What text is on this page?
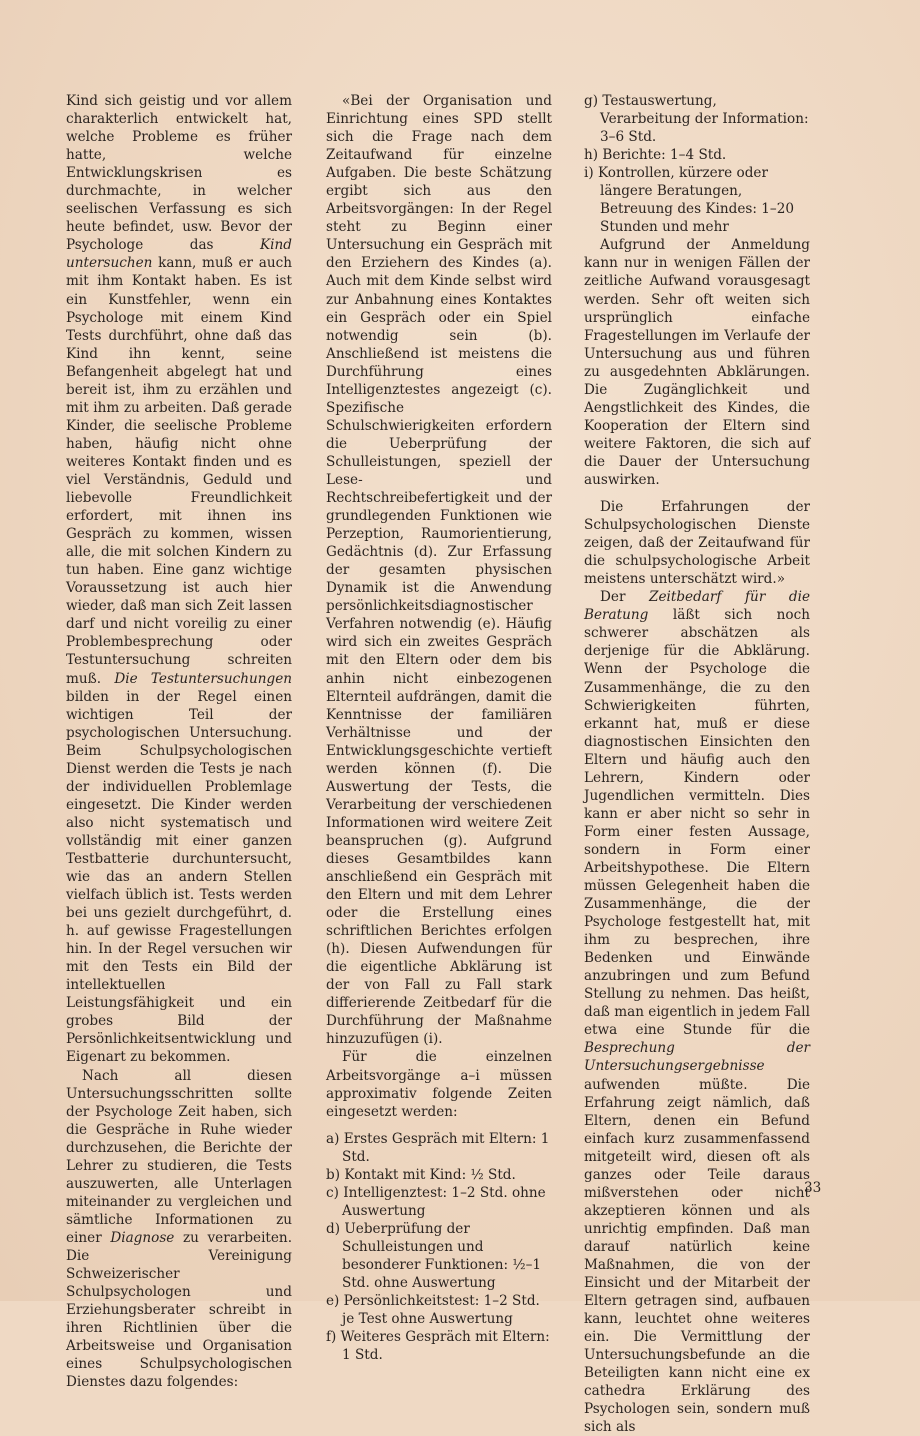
Kind sich geistig und vor allem charakterlich entwickelt hat, welche Probleme es früher hatte, welche Entwicklungskrisen es durchmachte, in welcher seelischen Verfassung es sich heute befindet, usw. Bevor der Psychologe das Kind untersuchen kann, muß er auch mit ihm Kontakt haben. Es ist ein Kunstfehler, wenn ein Psychologe mit einem Kind Tests durchführt, ohne daß das Kind ihn kennt, seine Befangenheit abgelegt hat und bereit ist, ihm zu erzählen und mit ihm zu arbeiten. Daß gerade Kinder, die seelische Probleme haben, häufig nicht ohne weiteres Kontakt finden und es viel Verständnis, Geduld und liebevolle Freundlichkeit erfordert, mit ihnen ins Gespräch zu kommen, wissen alle, die mit solchen Kindern zu tun haben. Eine ganz wichtige Voraussetzung ist auch hier wieder, daß man sich Zeit lassen darf und nicht voreilig zu einer Problembesprechung oder Testuntersuchung schreiten muß. Die Testuntersuchungen bilden in der Regel einen wichtigen Teil der psychologischen Untersuchung. Beim Schulpsychologischen Dienst werden die Tests je nach der individuellen Problemlage eingesetzt. Die Kinder werden also nicht systematisch und vollständig mit einer ganzen Testbatterie durchuntersucht, wie das an andern Stellen vielfach üblich ist. Tests werden bei uns gezielt durchgeführt, d. h. auf gewisse Fragestellungen hin. In der Regel versuchen wir mit den Tests ein Bild der intellektuellen Leistungsfähigkeit und ein grobes Bild der Persönlichkeitsentwicklung und Eigenart zu bekommen.

Nach all diesen Untersuchungsschritten sollte der Psychologe Zeit haben, sich die Gespräche in Ruhe wieder durchzusehen, die Berichte der Lehrer zu studieren, die Tests auszuwerten, alle Unterlagen miteinander zu vergleichen und sämtliche Informationen zu einer Diagnose zu verarbeiten. Die Vereinigung Schweizerischer Schulpsychologen und Erziehungsberater schreibt in ihren Richtlinien über die Arbeitsweise und Organisation eines Schulpsychologischen Dienstes dazu folgendes:

«Bei der Organisation und Einrichtung eines SPD stellt sich die Frage nach dem Zeitaufwand für einzelne Aufgaben. Die beste Schätzung ergibt sich aus den Arbeitsvorgängen: In der Regel steht zu Beginn einer Untersuchung ein Gespräch mit den Erziehern des Kindes (a). Auch mit dem Kinde selbst wird zur Anbahnung eines Kontaktes ein Gespräch oder ein Spiel notwendig sein (b). Anschließend ist meistens die Durchführung eines Intelligenztestes angezeigt (c). Spezifische Schulschwierigkeiten erfordern die Ueberprüfung der Schulleistungen, speziell der Lese- und Rechtschreibefertigkeit und der grundlegenden Funktionen wie Perzeption, Raumorientierung, Gedächtnis (d). Zur Erfassung der gesamten physischen Dynamik ist die Anwendung persönlichkeitsdiagnostischer Verfahren notwendig (e). Häufig wird sich ein zweites Gespräch mit den Eltern oder dem bis anhin nicht einbezogenen Elternteil aufdrängen, damit die Kenntnisse der familiären Verhältnisse und der Entwicklungsgeschichte vertieft werden können (f). Die Auswertung der Tests, die Verarbeitung der verschiedenen Informationen wird weitere Zeit beanspruchen (g). Aufgrund dieses Gesamtbildes kann anschließend ein Gespräch mit den Eltern und mit dem Lehrer oder die Erstellung eines schriftlichen Berichtes erfolgen (h). Diesen Aufwendungen für die eigentliche Abklärung ist der von Fall zu Fall stark differierende Zeitbedarf für die Durchführung der Maßnahme hinzuzufügen (i).

Für die einzelnen Arbeitsvorgänge a–i müssen approximativ folgende Zeiten eingesetzt werden:

a) Erstes Gespräch mit Eltern: 1 Std.
b) Kontakt mit Kind: ½ Std.
c) Intelligenztest: 1–2 Std. ohne Auswertung
d) Ueberprüfung der Schulleistungen und besonderer Funktionen: ½–1 Std. ohne Auswertung
e) Persönlichkeitstest: 1–2 Std. je Test ohne Auswertung
f) Weiteres Gespräch mit Eltern: 1 Std.
g) Testauswertung, Verarbeitung der Information: 3–6 Std.
h) Berichte: 1–4 Std.
i) Kontrollen, kürzere oder längere Beratungen, Betreuung des Kindes: 1–20 Stunden und mehr

Aufgrund der Anmeldung kann nur in wenigen Fällen der zeitliche Aufwand vorausgesagt werden. Sehr oft weiten sich ursprünglich einfache Fragestellungen im Verlaufe der Untersuchung aus und führen zu ausgedehnten Abklärungen. Die Zugänglichkeit und Aengstlichkeit des Kindes, die Kooperation der Eltern sind weitere Faktoren, die sich auf die Dauer der Untersuchung auswirken.

Die Erfahrungen der Schulpsychologischen Dienste zeigen, daß der Zeitaufwand für die schulpsychologische Arbeit meistens unterschätzt wird.»

Der Zeitbedarf für die Beratung läßt sich noch schwerer abschätzen als derjenige für die Abklärung. Wenn der Psychologe die Zusammenhänge, die zu den Schwierigkeiten führten, erkannt hat, muß er diese diagnostischen Einsichten den Eltern und häufig auch den Lehrern, Kindern oder Jugendlichen vermitteln. Dies kann er aber nicht so sehr in Form einer festen Aussage, sondern in Form einer Arbeitshypothese. Die Eltern müssen Gelegenheit haben die Zusammenhänge, die der Psychologe festgestellt hat, mit ihm zu besprechen, ihre Bedenken und Einwände anzubringen und zum Befund Stellung zu nehmen. Das heißt, daß man eigentlich in jedem Fall etwa eine Stunde für die Besprechung der Untersuchungsergebnisse aufwenden müßte. Die Erfahrung zeigt nämlich, daß Eltern, denen ein Befund einfach kurz zusammenfassend mitgeteilt wird, diesen oft als ganzes oder Teile daraus mißverstehen oder nicht akzeptieren können und als unrichtig empfinden. Daß man darauf natürlich keine Maßnahmen, die von der Einsicht und der Mitarbeit der Eltern getragen sind, aufbauen kann, leuchtet ohne weiteres ein. Die Vermittlung der Untersuchungsbefunde an die Beteiligten kann nicht eine ex cathedra Erklärung des Psychologen sein, sondern muß sich als

33
